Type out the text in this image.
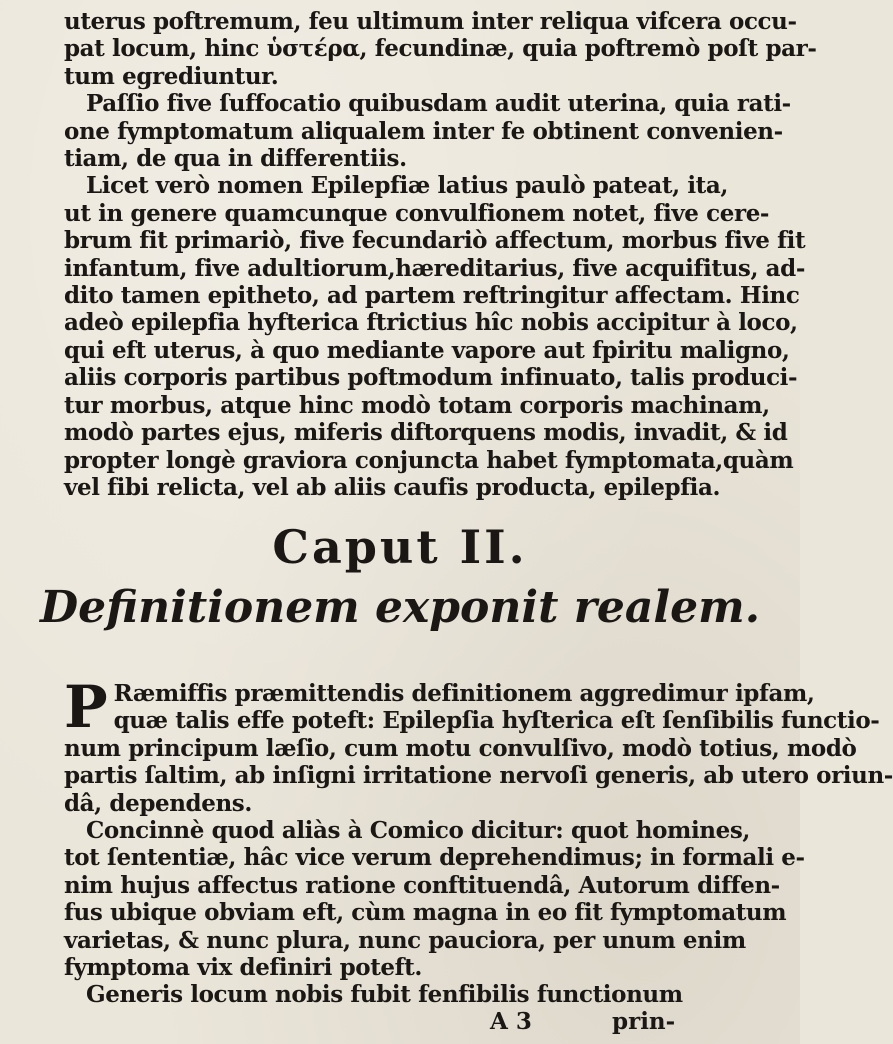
uterus poftremum, feu ultimum inter reliqua vifcera occu-
pat locum, hinc ὑστέρα, fecundinæ, quia poftremò poſt par-
tum egrediuntur.
Paſſio five ſuffocatio quibusdam audit uterina, quia rati-
one fymptomatum aliqualem inter fe obtinent convenien-
tiam, de qua in differentiis.
Licet verò nomen Epilepfiæ latius paulò pateat, ita,
ut in genere quamcunque convulfionem notet, five cere-
brum fit primariò, five fecundariò affectum, morbus five fit
infantum, five adultiorum,hæreditarius, five acquifitus, ad-
dito tamen epitheto, ad partem reftringitur affectam. Hinc
adeò epilepfia hyfterica ftrictius hîc nobis accipitur à loco,
qui eft uterus, à quo mediante vapore aut fpiritu maligno,
aliis corporis partibus poftmodum infinuato, talis produci-
tur morbus, atque hinc modò totam corporis machinam,
modò partes ejus, miferis diftorquens modis, invadit, & id
propter longè graviora conjuncta habet fymptomata,quàm
vel fibi relicta, vel ab aliis caufis producta, epilepfia.
Caput II.
Definitionem exponit realem.
P Ræmiffis præmittendis definitionem aggredimur ipfam,
quæ talis effe poteft: Epilepſia hyſterica eſt ſenſibilis functio-
num principum læſio, cum motu convulſivo, modò totius, modò
partis ſaltim, ab inſigni irritatione nervoſi generis, ab utero oriun-
dâ, dependens.
Concinnè quod aliàs à Comico dicitur: quot homines,
tot ſententiæ, hâc vice verum deprehendimus; in formali e-
nim hujus affectus ratione conftituendâ, Autorum diffen-
fus ubique obviam eft, cùm magna in eo fit fymptomatum
varietas, & nunc plura, nunc pauciora, per unum enim
fymptoma vix definiri poteft.
Generis locum nobis fubit fenfibilis functionum
A 3	prin-
